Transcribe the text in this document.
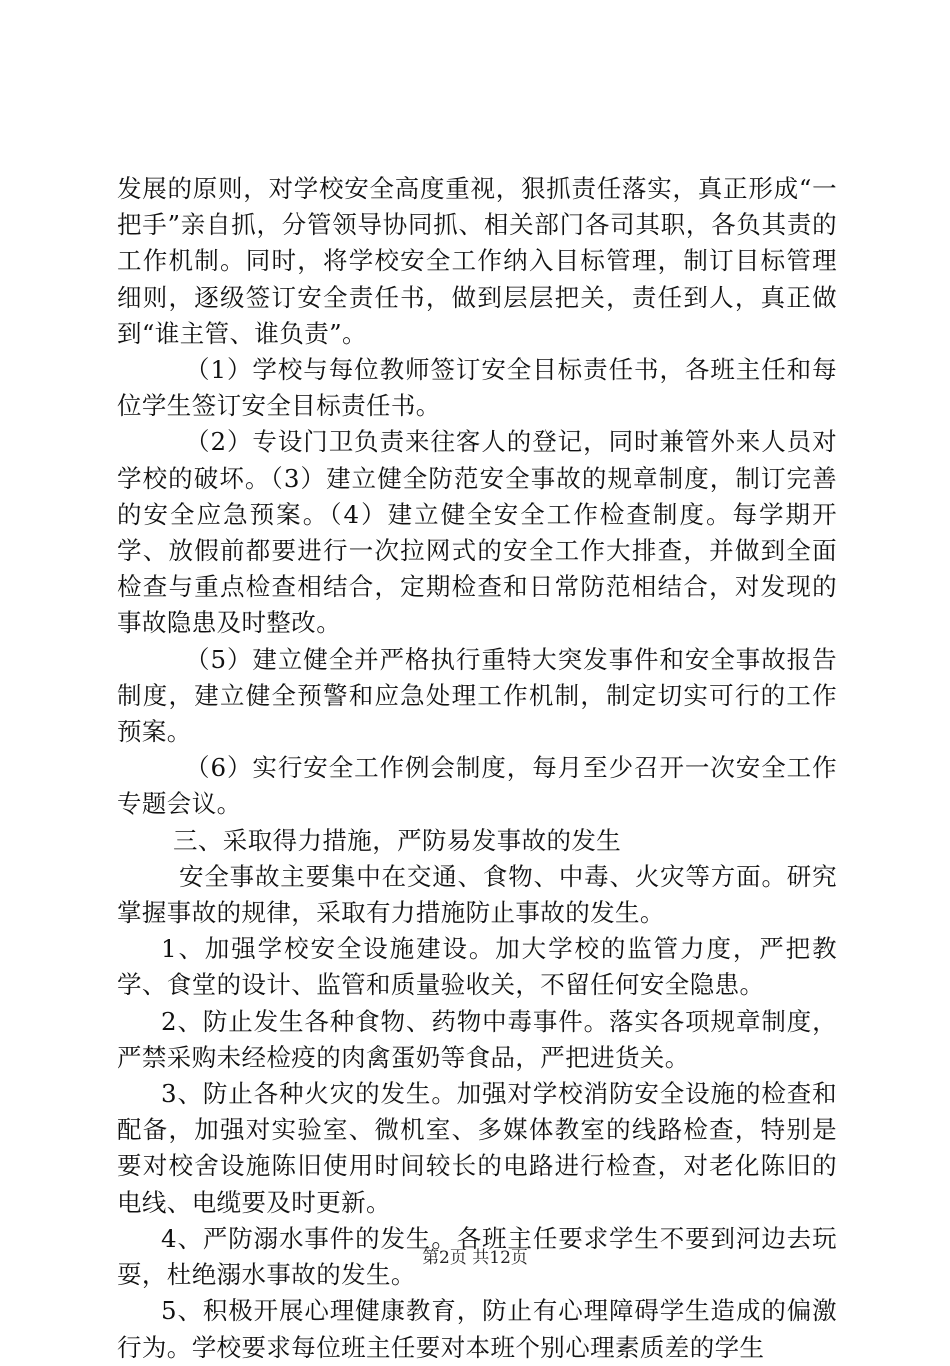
发展的原则，对学校安全高度重视，狠抓责任落实，真正形成“一把手”亲自抓，分管领导协同抓、相关部门各司其职，各负其责的工作机制。同时，将学校安全工作纳入目标管理，制订目标管理细则，逐级签订安全责任书，做到层层把关，责任到人，真正做到“谁主管、谁负责”。

（1）学校与每位教师签订安全目标责任书，各班主任和每位学生签订安全目标责任书。

（2）专设门卫负责来往客人的登记，同时兼管外来人员对学校的破坏。（3）建立健全防范安全事故的规章制度，制订完善的安全应急预案。（4）建立健全安全工作检查制度。每学期开学、放假前都要进行一次拉网式的安全工作大排查，并做到全面检查与重点检查相结合，定期检查和日常防范相结合，对发现的事故隐患及时整改。

（5）建立健全并严格执行重特大突发事件和安全事故报告制度，建立健全预警和应急处理工作机制，制定切实可行的工作预案。

（6）实行安全工作例会制度，每月至少召开一次安全工作专题会议。

三、采取得力措施，严防易发事故的发生

安全事故主要集中在交通、食物、中毒、火灾等方面。研究掌握事故的规律，采取有力措施防止事故的发生。

1、加强学校安全设施建设。加大学校的监管力度，严把教学、食堂的设计、监管和质量验收关，不留任何安全隐患。

2、防止发生各种食物、药物中毒事件。落实各项规章制度，严禁采购未经检疫的肉禽蛋奶等食品，严把进货关。

3、防止各种火灾的发生。加强对学校消防安全设施的检查和配备，加强对实验室、微机室、多媒体教室的线路检查，特别是要对校舍设施陈旧使用时间较长的电路进行检查，对老化陈旧的电线、电缆要及时更新。

4、严防溺水事件的发生。各班主任要求学生不要到河边去玩耍，杜绝溺水事故的发生。

5、积极开展心理健康教育，防止有心理障碍学生造成的偏激行为。学校要求每位班主任要对本班个别心理素质差的学生

第2页 共12页
